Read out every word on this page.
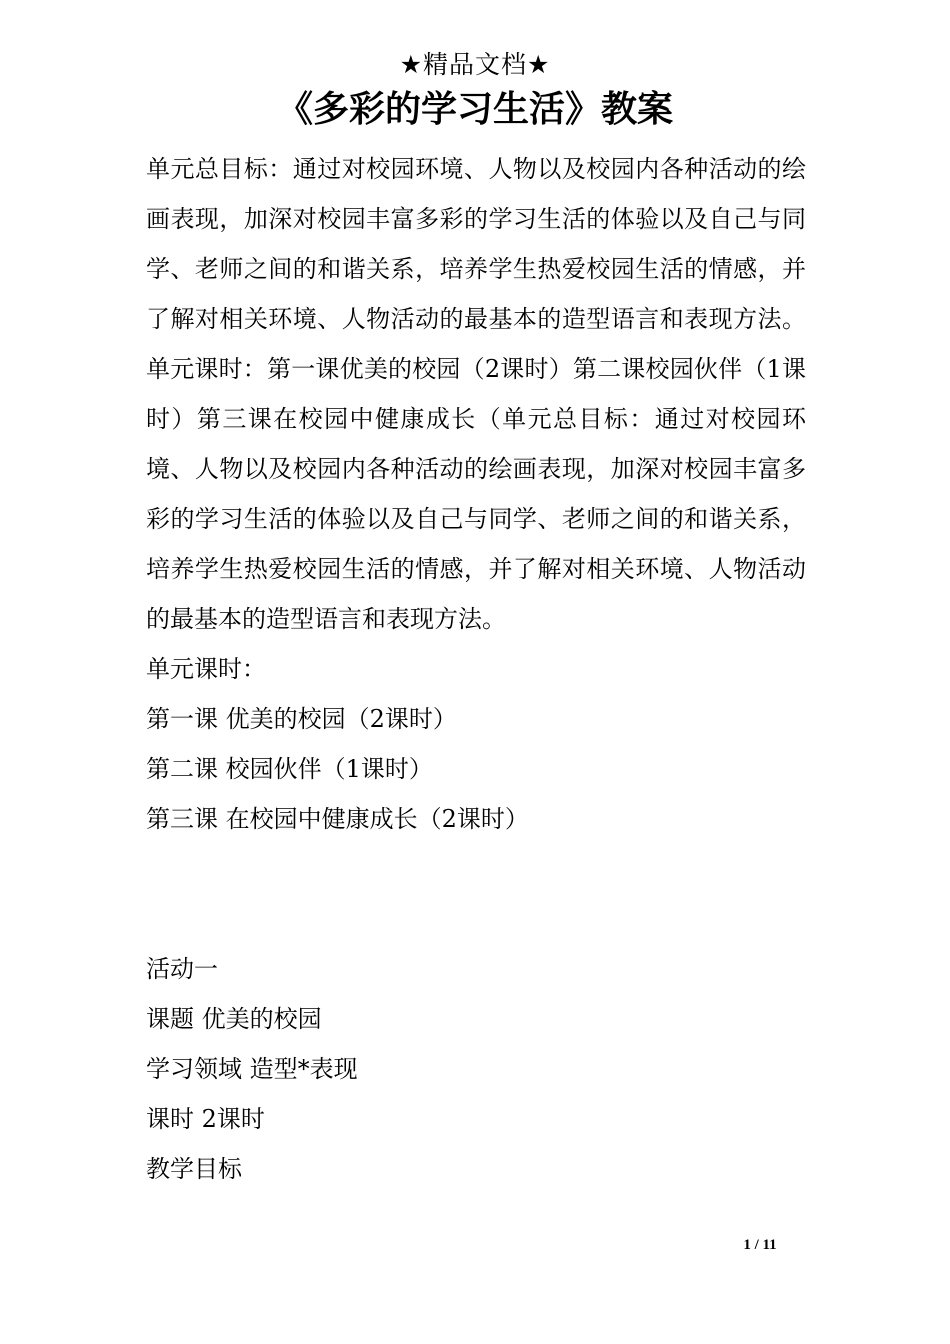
★精品文档★
《多彩的学习生活》教案

单元总目标：通过对校园环境、人物以及校园内各种活动的绘画表现，加深对校园丰富多彩的学习生活的体验以及自己与同学、老师之间的和谐关系，培养学生热爱校园生活的情感，并了解对相关环境、人物活动的最基本的造型语言和表现方法。单元课时：第一课优美的校园（2课时）第二课校园伙伴（1课时）第三课在校园中健康成长（单元总目标：通过对校园环境、人物以及校园内各种活动的绘画表现，加深对校园丰富多彩的学习生活的体验以及自己与同学、老师之间的和谐关系，培养学生热爱校园生活的情感，并了解对相关环境、人物活动的最基本的造型语言和表现方法。

单元课时：

第一课 优美的校园（2课时）

第二课 校园伙伴（1课时）

第三课 在校园中健康成长（2课时）

活动一

课题 优美的校园

学习领域 造型*表现

课时 2课时

教学目标

1 / 11
